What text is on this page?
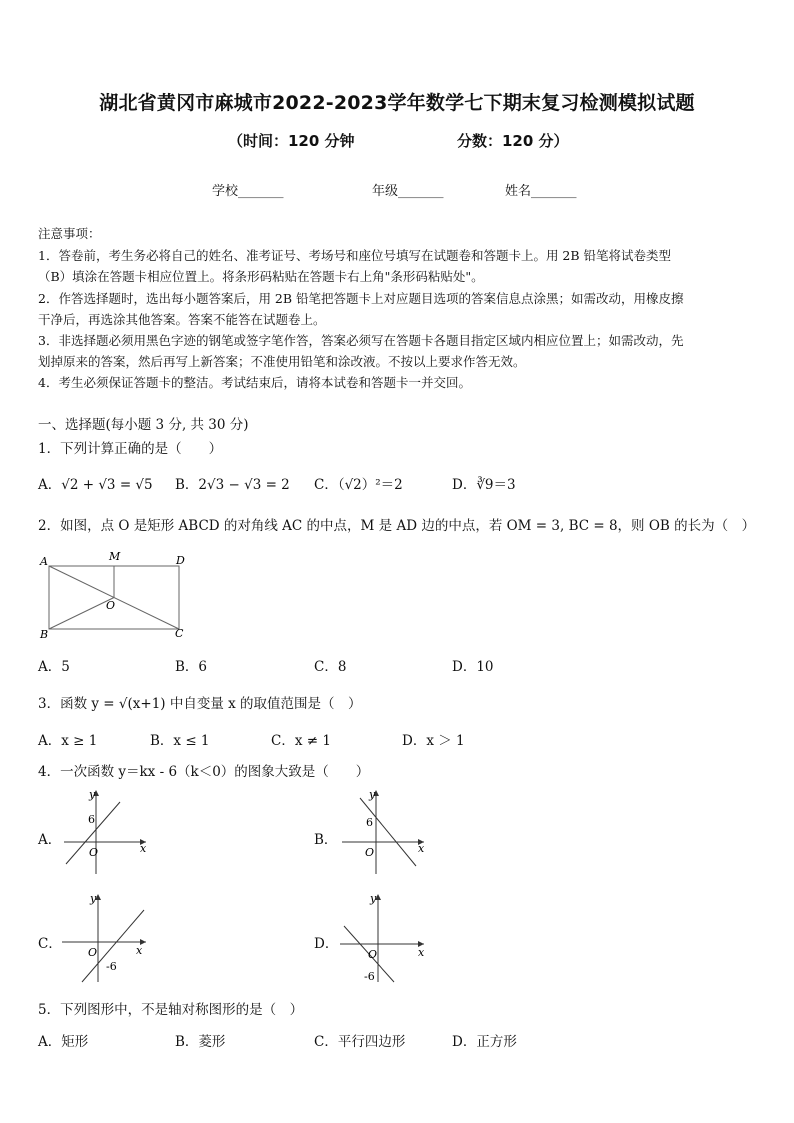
湖北省黄冈市麻城市2022-2023学年数学七下期末复习检测模拟试题
（时间：120 分钟	分数：120 分）
学校_______	年级_______	姓名_______
注意事项：
1．答卷前，考生务必将自己的姓名、准考证号、考场号和座位号填写在试题卷和答题卡上。用 2B 铅笔将试卷类型
（B）填涂在答题卡相应位置上。将条形码粘贴在答题卡右上角"条形码粘贴处"。
2．作答选择题时，选出每小题答案后，用 2B 铅笔把答题卡上对应题目选项的答案信息点涂黑；如需改动，用橡皮擦
干净后，再选涂其他答案。答案不能答在试题卷上。
3．非选择题必须用黑色字迹的钢笔或签字笔作答，答案必须写在答题卡各题目指定区域内相应位置上；如需改动，先
划掉原来的答案，然后再写上新答案；不准使用铅笔和涂改液。不按以上要求作答无效。
4．考生必须保证答题卡的整洁。考试结束后，请将本试卷和答题卡一并交回。
一、选择题(每小题 3 分, 共 30 分)
1．下列计算正确的是（　　）
A．√2 + √3 = √5 B．2√3 − √3 = 2 C．（√2）²＝2	D．∛9＝3
2．如图，点 O 是矩形 ABCD 的对角线 AC 的中点，M 是 AD 边的中点，若 OM = 3, BC = 8，则 OB 的长为（　）
A	M	D
O
B	C
A．5	B．6	C．8	D．10
3．函数 y = √(x+1) 中自变量 x 的取值范围是（　）
A．x ≥ 1	B．x ≤ 1	C．x ≠ 1	D．x ＞ 1
4．一次函数 y＝kx - 6（k＜0）的图象大致是（　　）
A．
y
x
O
6
B．
y
x
O
6
C．
y
x
O
-6
D．
y
x
O
-6
5．下列图形中，不是轴对称图形的是（　）
A．矩形	B．菱形	C．平行四边形	D．正方形
